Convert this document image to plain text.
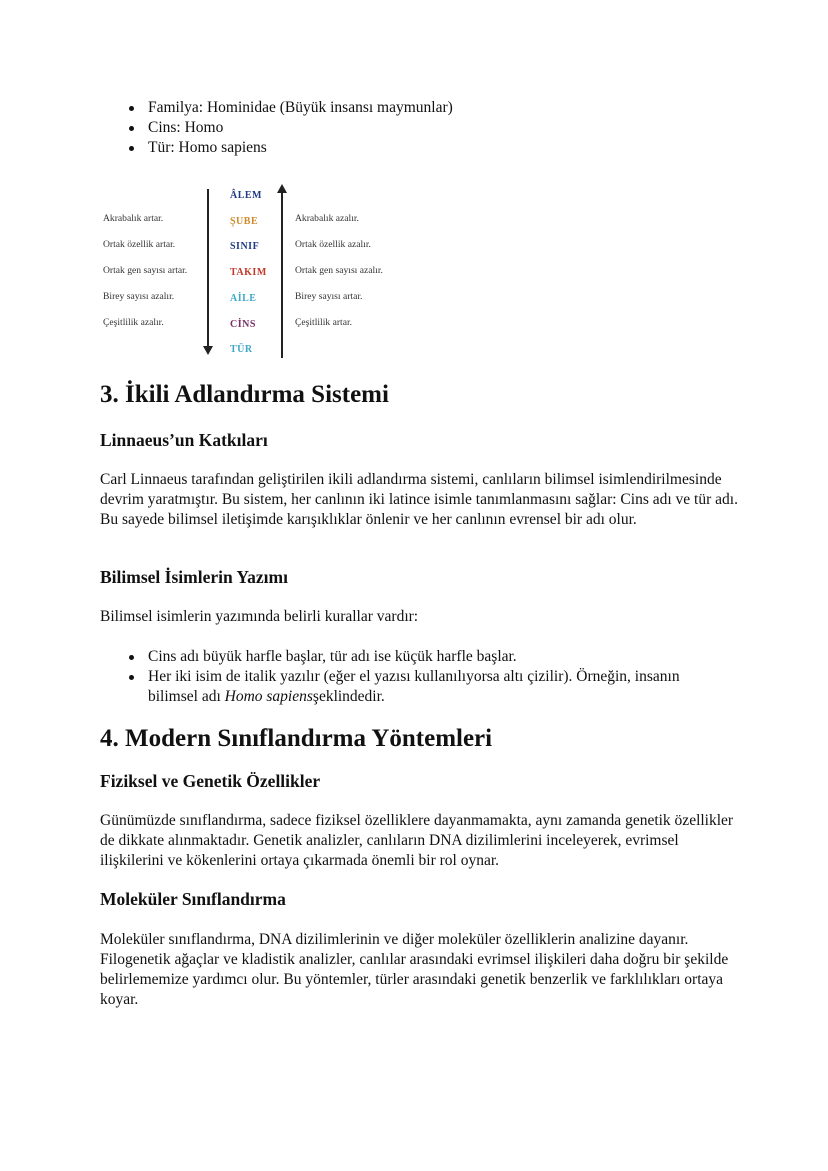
Familya: Hominidae (Büyük insansı maymunlar)
Cins: Homo
Tür: Homo sapiens
Akrabalık artar.
Ortak özellik artar.
Ortak gen sayısı artar.
Birey sayısı azalır.
Çeşitlilik azalır.
ÂLEM
ŞUBE
SINIF
TAKIM
AİLE
CİNS
TÜR
Akrabalık azalır.
Ortak özellik azalır.
Ortak gen sayısı azalır.
Birey sayısı artar.
Çeşitlilik artar.
3. İkili Adlandırma Sistemi
Linnaeus’un Katkıları

Carl Linnaeus tarafından geliştirilen ikili adlandırma sistemi, canlıların bilimsel isimlendirilmesinde devrim yaratmıştır. Bu sistem, her canlının iki latince isimle tanımlanmasını sağlar: Cins adı ve tür adı. Bu sayede bilimsel iletişimde karışıklıklar önlenir ve her canlının evrensel bir adı olur.

Bilimsel İsimlerin Yazımı

Bilimsel isimlerin yazımında belirli kurallar vardır:

Cins adı büyük harfle başlar, tür adı ise küçük harfle başlar.
Her iki isim de italik yazılır (eğer el yazısı kullanılıyorsa altı çizilir). Örneğin, insanın bilimsel adı Homo sapiensşeklindedir.
4. Modern Sınıflandırma Yöntemleri
Fiziksel ve Genetik Özellikler

Günümüzde sınıflandırma, sadece fiziksel özelliklere dayanmamakta, aynı zamanda genetik özellikler de dikkate alınmaktadır. Genetik analizler, canlıların DNA dizilimlerini inceleyerek, evrimsel ilişkilerini ve kökenlerini ortaya çıkarmada önemli bir rol oynar.

Moleküler Sınıflandırma

Moleküler sınıflandırma, DNA dizilimlerinin ve diğer moleküler özelliklerin analizine dayanır. Filogenetik ağaçlar ve kladistik analizler, canlılar arasındaki evrimsel ilişkileri daha doğru bir şekilde belirlememize yardımcı olur. Bu yöntemler, türler arasındaki genetik benzerlik ve farklılıkları ortaya koyar.
